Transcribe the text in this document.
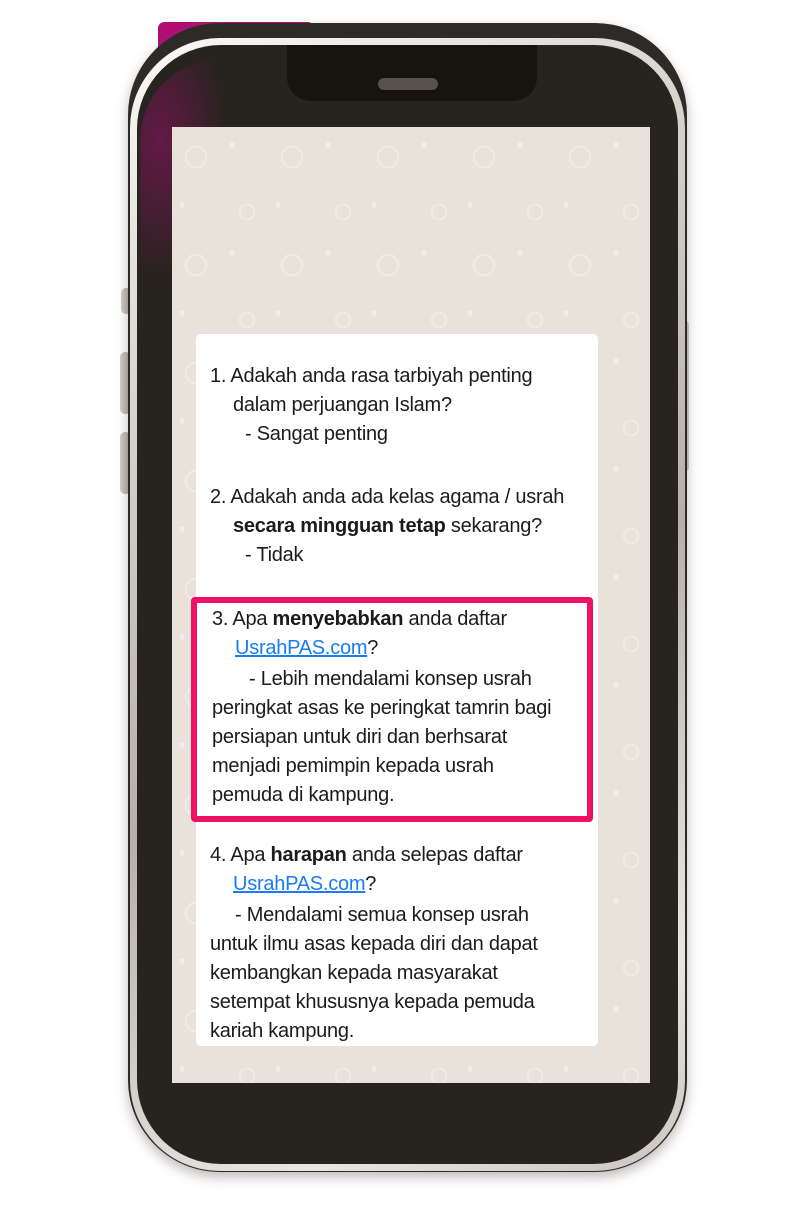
1. Adakah anda rasa tarbiyah penting
dalam perjuangan Islam?
- Sangat penting
2. Adakah anda ada kelas agama / usrah
secara mingguan tetap sekarang?
- Tidak
3. Apa menyebabkan anda daftar
UsrahPAS.com?
- Lebih mendalami konsep usrah
peringkat asas ke peringkat tamrin bagi
persiapan untuk diri dan berhsarat
menjadi pemimpin kepada usrah
pemuda di kampung.
4. Apa harapan anda selepas daftar
UsrahPAS.com?
- Mendalami semua konsep usrah
untuk ilmu asas kepada diri dan dapat
kembangkan kepada masyarakat
setempat khususnya kepada pemuda
kariah kampung.
